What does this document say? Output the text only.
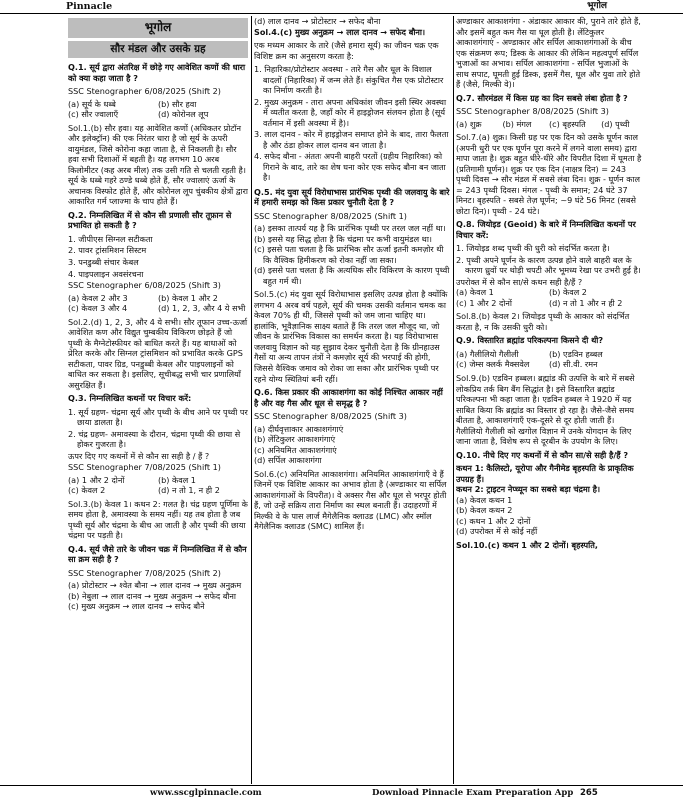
Pinnacle	भूगोल
भूगोल
सौर मंडल और उसके ग्रह

Q.1. सूर्य द्वारा अंतरिक्ष में छोड़े गए आवेशित कणों की धारा को क्या कहा जाता है ?

SSC Stenographer 6/08/2025 (Shift 2)
(a) सूर्य के धब्बे	(b) सौर हवा
(c) सौर ज्वालाएँ	(d) कोरोनल लूप

Sol.1.(b) सौर हवा। यह आवेशित कणों (अधिकतर प्रोटॉन और इलेक्ट्रॉन) की एक निरंतर धारा है जो सूर्य के ऊपरी वायुमंडल, जिसे कोरोना कहा जाता है, से निकलती है। सौर हवा सभी दिशाओं में बहती है। यह लगभग 10 अरब किलोमीटर (कह अरब मील) तक उसी गति से चलती रहती है। सूर्य के धब्बे गहरे ठण्डे धब्बे होते हैं, सौर ज्वालाएं ऊर्जा के अचानक विस्फोट होते हैं, और कोरोनल लूप चुंबकीय क्षेत्रों द्वारा आकारित गर्म प्लाज्मा के चाप होते हैं।

Q.2. निम्नलिखित में से कौन सी प्रणाली सौर तूफ़ान से प्रभावित हो सकती है ?

1. जीपीएस सिग्नल सटीकता
2. पावर ट्रांसमिशन सिस्टम
3. पनडुब्बी संचार केबल
4. पाइपलाइन अवसंरचना
SSC Stenographer 6/08/2025 (Shift 3)
(a) केवल 2 और 3	(b) केवल 1 और 2
(c) केवल 3 और 4	(d) 1, 2, 3, और 4 ये सभी

Sol.2.(d) 1, 2, 3, और 4 ये सभी। सौर तूफान उच्च-ऊर्जा आवेशित कण और विद्युत चुम्बकीय विकिरण छोड़ते हैं जो पृथ्वी के मैग्नेटोस्फीयर को बाधित करते हैं। यह बाधाओं को प्रेरित करके और सिग्नल ट्रांसमिशन को प्रभावित करके GPS सटीकता, पावर ग्रिड, पनडुब्बी केबल और पाइपलाइनों को बाधित कर सकता है। इसलिए, सूचीबद्ध सभी चार प्रणालियाँ असुरक्षित हैं।

Q.3. निम्नलिखित कथनों पर विचार करें:

1. सूर्य ग्रहण- चंद्रमा सूर्य और पृथ्वी के बीच आने पर पृथ्वी पर छाया डालता है।
2. चंद्र ग्रहण- अमावस्या के दौरान, चंद्रमा पृथ्वी की छाया से होकर गुजरता है।
ऊपर दिए गए कथनों में से कौन सा सही है / हैं ?
SSC Stenographer 7/08/2025 (Shift 1)
(a) 1 और 2 दोनों	(b) केवल 1
(c) केवल 2	(d) न तो 1, न ही 2

Sol.3.(b) केवल 1। कथन 2: गलत है। चंद्र ग्रहण पूर्णिमा के समय होता है, अमावस्या के समय नहीं। यह तब होता है जब पृथ्वी सूर्य और चंद्रमा के बीच आ जाती है और पृथ्वी की छाया चंद्रमा पर पड़ती है।

Q.4. सूर्य जैसे तारे के जीवन चक्र में निम्नलिखित में से कौन सा क्रम सही है ?

SSC Stenographer 7/08/2025 (Shift 2)
(a) प्रोटोस्टार → श्वेत बौना → लाल दानव → मुख्य अनुक्रम
(b) नेबुला → लाल दानव → मुख्य अनुक्रम → सफेद बौना
(c) मुख्य अनुक्रम → लाल दानव → सफेद बौने
(d) लाल दानव → प्रोटोस्टार → सफेद बौना

Sol.4.(c) मुख्य अनुक्रम → लाल दानव → सफेद बौना।

एक मध्यम आकार के तारे (जैसे हमारा सूर्य) का जीवन चक्र एक विशिष्ट क्रम का अनुसरण करता है:

1. निहारिका/प्रोटोस्टार अवस्था - तारे गैस और धूल के विशाल बादलों (निहारिका) में जन्म लेते हैं। संकुचित गैस एक प्रोटोस्टार का निर्माण करती है।
2. मुख्य अनुक्रम - तारा अपना अधिकांश जीवन इसी स्थिर अवस्था में व्यतीत करता है, जहाँ कोर में हाइड्रोजन संलयन होता है (सूर्य वर्तमान में इसी अवस्था में है)।
3. लाल दानव - कोर में हाइड्रोजन समाप्त होने के बाद, तारा फैलता है और ठंडा होकर लाल दानव बन जाता है।
4. सफेद बौना - अंततः अपनी बाहरी परतों (ग्रहीय निहारिका) को गिराने के बाद, तारे का शेष घना कोर एक सफेद बौना बन जाता है।

Q.5. मंद युवा सूर्य विरोधाभास प्रारंभिक पृथ्वी की जलवायु के बारे में हमारी समझ को किस प्रकार चुनौती देता है ?

SSC Stenographer 8/08/2025 (Shift 1)
(a) इसका तात्पर्य यह है कि प्रारंभिक पृथ्वी पर तरल जल नहीं था।
(b) इससे यह सिद्ध होता है कि चंद्रमा पर कभी वायुमंडल था।
(c) इससे पता चलता है कि प्रारंभिक सौर ऊर्जा इतनी कमज़ोर थी कि वैश्विक हिमीकरण को रोका नहीं जा सका।
(d) इससे पता चलता है कि अत्यधिक सौर विकिरण के कारण पृथ्वी बहुत गर्म थी।

Sol.5.(c) मंद युवा सूर्य विरोधाभास इसलिए उत्पन्न होता है क्योंकि लगभग 4 अरब वर्ष पहले, सूर्य की चमक उसकी वर्तमान चमक का केवल 70% ही थी, जिससे पृथ्वी को जम जाना चाहिए था। हालांकि, भूवैज्ञानिक साक्ष्य बताते हैं कि तरल जल मौजूद था, जो जीवन के प्रारंभिक विकास का समर्थन करता है। यह विरोधाभास जलवायु विज्ञान को यह सुझाव देकर चुनौती देता है कि ग्रीनहाउस गैसों या अन्य तापन तंत्रों ने कमज़ोर सूर्य की भरपाई की होगी, जिससे वैश्विक जमाव को रोका जा सका और प्रारंभिक पृथ्वी पर रहने योग्य स्थितियां बनी रहीं।

Q.6. किस प्रकार की आकाशगंगा का कोई निश्चित आकार नहीं है और वह गैस और धूल से समृद्ध है ?

SSC Stenographer 8/08/2025 (Shift 3)
(a) दीर्घवृत्ताकार आकाशगंगाएं
(b) लेंटिकुलर आकाशगंगाएं
(c) अनियमित आकाशगंगाएं
(d) सर्पिल आकाशगंगा

Sol.6.(c) अनियमित आकाशगंगा। अनियमित आकाशगंगाएँ वे हैं जिनमें एक विशिष्ट आकार का अभाव होता है (अण्डाकार या सर्पिल आकाशगंगाओं के विपरीत)। वे अक्सर गैस और धूल से भरपूर होती हैं, जो उन्हें सक्रिय तारा निर्माण का स्थल बनाती हैं। उदाहरणों में मिल्की वे के पास लार्ज मैगेलैनिक क्लाउड (LMC) और स्मॉल मैगेलैनिक क्लाउड (SMC) शामिल हैं।

अण्डाकार आकाशगंगा - अंडाकार आकार की, पुराने तारे होते हैं, और इसमें बहुत कम गैस या धूल होती है। लेंटिकुलर आकाशगंगाएं - अण्डाकार और सर्पिल आकाशगंगाओं के बीच एक संक्रमण रूप; डिस्क के आकार की लेकिन महत्वपूर्ण सर्पिल भुजाओं का अभाव। सर्पिल आकाशगंगा - सर्पिल भुजाओं के साथ सपाट, घूमती हुई डिस्क, इसमें गैस, धूल और युवा तारे होते हैं (जैसे, मिल्की वे)।

Q.7. सौरमंडल में किस ग्रह का दिन सबसे लंबा होता है ?

SSC Stenographer 8/08/2025 (Shift 3)
(a) शुक्र	(b) मंगल	(c) बृहस्पति	(d) पृथ्वी

Sol.7.(a) शुक्र। किसी ग्रह पर एक दिन को उसके घूर्णन काल (अपनी धुरी पर एक घूर्णन पूरा करने में लगने वाला समय) द्वारा मापा जाता है। शुक्र बहुत धीरे-धीरे और विपरीत दिशा में घूमता है (प्रतिगामी घूर्णन)। शुक्र पर एक दिन (नाक्षत्र दिन) = 243 पृथ्वी दिवस → सौर मंडल में सबसे लंबा दिन। शुक्र - घूर्णन काल = 243 पृथ्वी दिवस। मंगल - पृथ्वी के समान; 24 घंटे 37 मिनट। बृहस्पति - सबसे तेज़ घूर्णन; ~9 घंटे 56 मिनट (सबसे छोटा दिन)। पृथ्वी - 24 घंटे।

Q.8. जियोइड (Geoid) के बारे में निम्नलिखित कथनों पर विचार करें:

1. जियोइड शब्द पृथ्वी की धुरी को संदर्भित करता है।
2. पृथ्वी अपने घूर्णन के कारण उत्पन्न होने वाले बाहरी बल के कारण ध्रुवों पर थोड़ी चपटी और भूमध्य रेखा पर उभरी हुई है।
उपरोक्त में से कौन सा/से कथन सही है/हैं ?
(a) केवल 1	(b) केवल 2
(c) 1 और 2 दोनों	(d) न तो 1 और न ही 2

Sol.8.(b) केवल 2। जियोइड पृथ्वी के आकार को संदर्भित करता है, न कि उसकी धुरी को।

Q.9. विस्तारित ब्रह्मांड परिकल्पना किसने दी थी?

(a) गैलीलियो गैलीली	(b) एडविन हब्बल
(c) जेम्स क्लर्क मैक्सवेल	(d) सी.वी. रमन

Sol.9.(b) एडविन हब्बल। ब्रह्मांड की उत्पत्ति के बारे में सबसे लोकप्रिय तर्क बिग बैंग सिद्धांत है। इसे विस्तारित ब्रह्मांड परिकल्पना भी कहा जाता है। एडविन हब्बल ने 1920 में यह साबित किया कि ब्रह्मांड का विस्तार हो रहा है। जैसे-जैसे समय बीतता है, आकाशगंगाएँ एक-दूसरे से दूर होती जाती हैं। गैलीलियो गैलीली को खगोल विज्ञान में उनके योगदान के लिए जाना जाता है, विशेष रूप से दूरबीन के उपयोग के लिए।

Q.10. नीचे दिए गए कथनों में से कौन सा/से सही है/हैं ?

कथन 1: कैलिस्टो, यूरोपा और गैनीमेड बृहस्पति के प्राकृतिक उपग्रह हैं।
कथन 2: ट्राइटन नेप्च्यून का सबसे बड़ा चंद्रमा है।
(a) केवल कथन 1
(b) केवल कथन 2
(c) कथन 1 और 2 दोनों
(d) उपरोक्त में से कोई नहीं

Sol.10.(c) कथन 1 और 2 दोनों। बृहस्पति,

www.sscglpinnacle.com	Download Pinnacle Exam Preparation App 265
